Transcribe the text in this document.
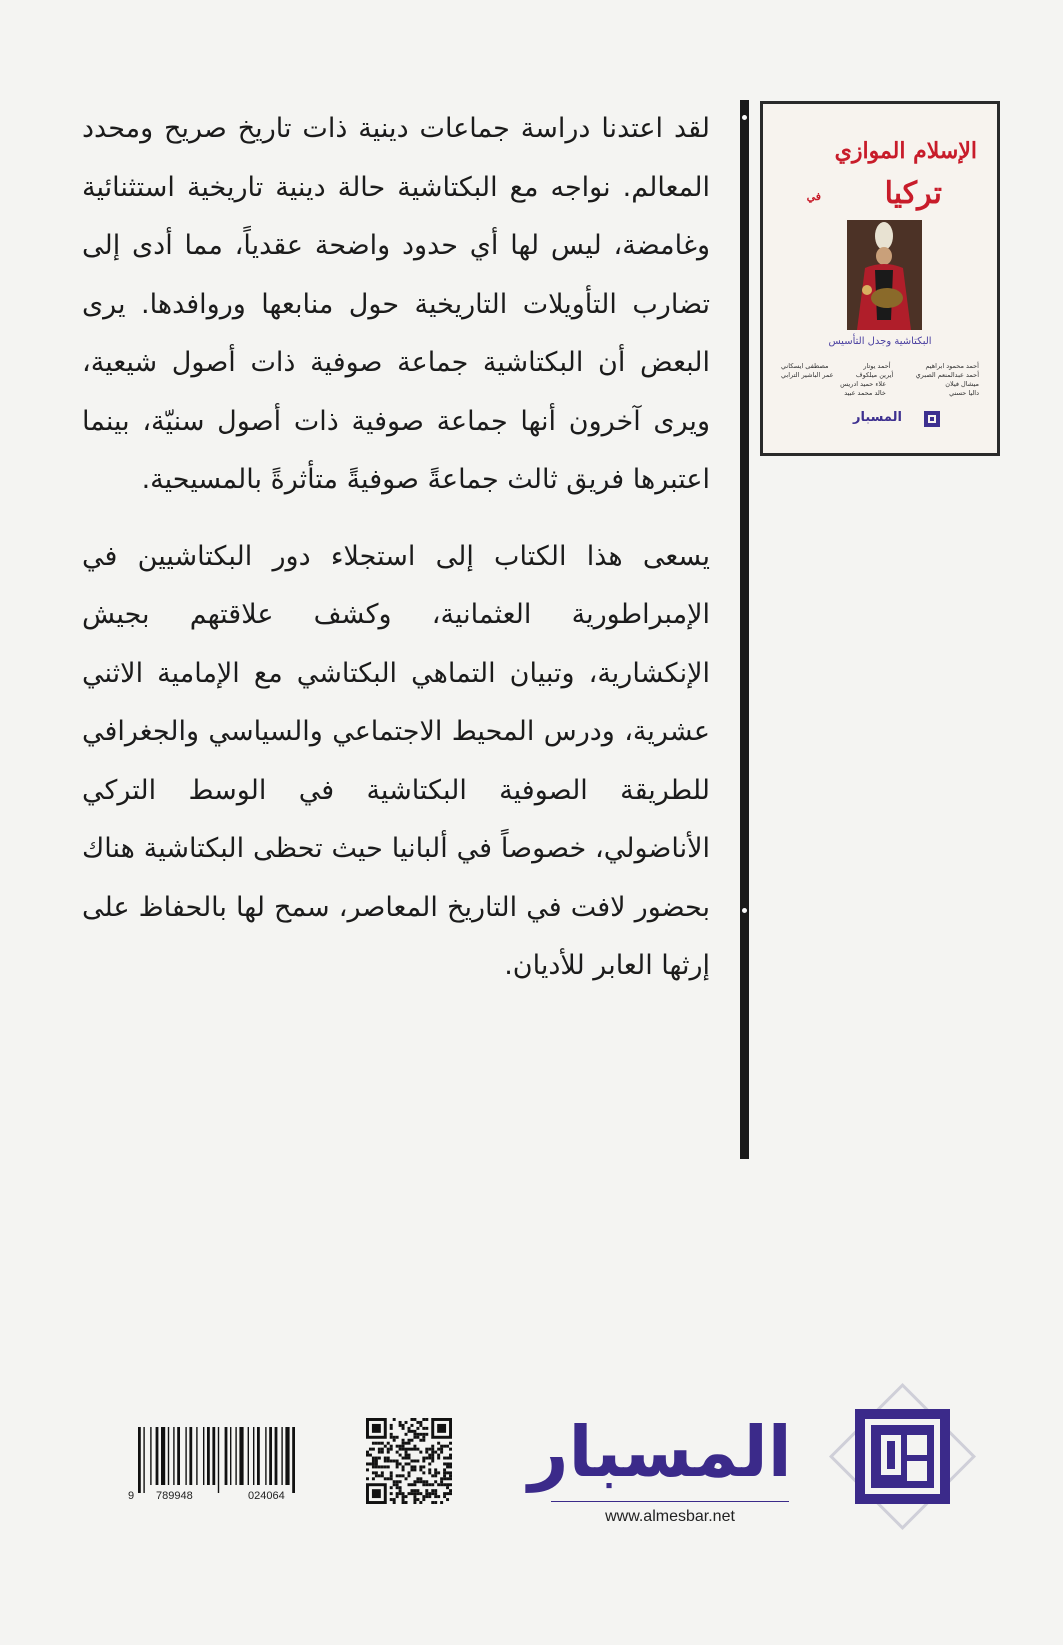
لقد اعتدنا دراسة جماعات دينية ذات تاريخ صريح ومحدد المعالم. نواجه مع البكتاشية حالة دينية تاريخية استثنائية وغامضة، ليس لها أي حدود واضحة عقدياً، مما أدى إلى تضارب التأويلات التاريخية حول منابعها وروافدها. يرى البعض أن البكتاشية جماعة صوفية ذات أصول شيعية، ويرى آخرون أنها جماعة صوفية ذات أصول سنيّة، بينما اعتبرها فريق ثالث جماعةً صوفيةً متأثرةً بالمسيحية.

يسعى هذا الكتاب إلى استجلاء دور البكتاشيين في الإمبراطورية العثمانية، وكشف علاقتهم بجيش الإنكشارية، وتبيان التماهي البكتاشي مع الإمامية الاثني عشرية، ودرس المحيط الاجتماعي والسياسي والجغرافي للطريقة الصوفية البكتاشية في الوسط التركي الأناضولي، خصوصاً في ألبانيا حيث تحظى البكتاشية هناك بحضور لافت في التاريخ المعاصر، سمح لها بالحفاظ على إرثها العابر للأديان.

الإسلام الموازي
في تركيا
البكتاشية وجدل التأسيس
أحمد محمود ابراهيم
أحمد يوتار
مصطفى ايسكاني
أحمد عبدالمنعم الصبري
أيرين ميلكوف
عمر الباشير الترابي
ميشال فيلان
علاء حميد ادريس
داليا حسني
خالد محمد عبيد
المسبار
9 789948	024064
المسبار
www.almesbar.net
